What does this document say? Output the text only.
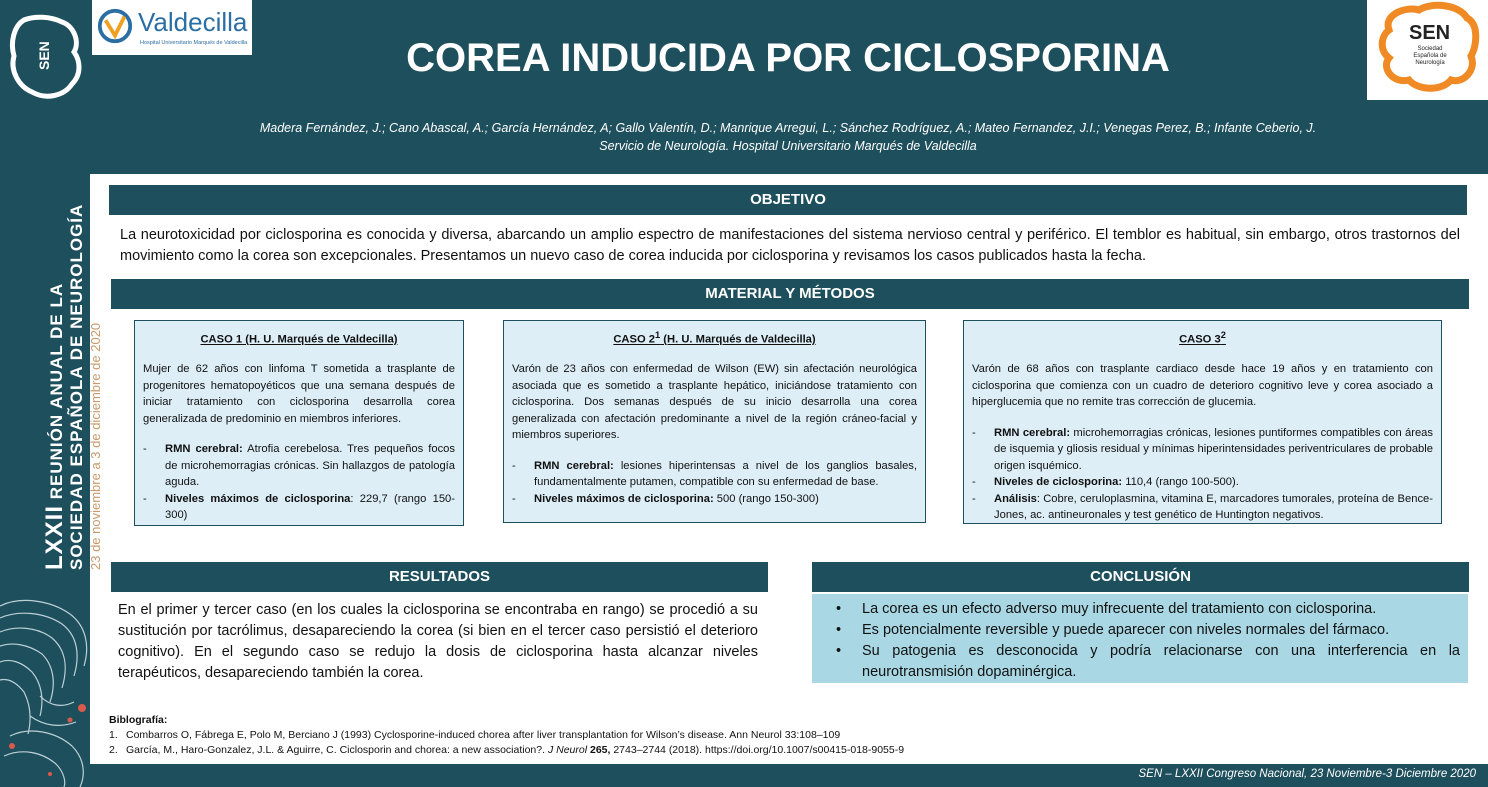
SEN
LXXII REUNIÓN ANUAL DE LA SOCIEDAD ESPAÑOLA DE NEUROLOGÍA 23 de noviembre a 3 de diciembre de 2020
Valdecilla
Hospital Universitario Marqués de Valdecilla	SEN
Sociedad Española de Neurología
COREA INDUCIDA POR CICLOSPORINA
Madera Fernández, J.; Cano Abascal, A.; García Hernández, A; Gallo Valentín, D.; Manrique Arregui, L.; Sánchez Rodríguez, A.; Mateo Fernandez, J.I.; Venegas Perez, B.; Infante Ceberio, J.
Servicio de Neurología. Hospital Universitario Marqués de Valdecilla
OBJETIVO
La neurotoxicidad por ciclosporina es conocida y diversa, abarcando un amplio espectro de manifestaciones del sistema nervioso central y periférico. El temblor es habitual, sin embargo, otros trastornos del movimiento como la corea son excepcionales. Presentamos un nuevo caso de corea inducida por ciclosporina y revisamos los casos publicados hasta la fecha.
MATERIAL Y MÉTODOS
CASO 1 (H. U. Marqués de Valdecilla)

Mujer de 62 años con linfoma T sometida a trasplante de progenitores hematopoyéticos que una semana después de iniciar tratamiento con ciclosporina desarrolla corea generalizada de predominio en miembros inferiores.

- RMN cerebral: Atrofia cerebelosa. Tres pequeños focos de microhemorragias crónicas. Sin hallazgos de patología aguda.
- Niveles máximos de ciclosporina: 229,7 (rango 150-300)
CASO $2^1$ (H. U. Marqués de Valdecilla)

Varón de 23 años con enfermedad de Wilson (EW) sin afectación neurológica asociada que es sometido a trasplante hepático, iniciándose tratamiento con ciclosporina. Dos semanas después de su inicio desarrolla una corea generalizada con afectación predominante a nivel de la región cráneo-facial y miembros superiores.

- RMN cerebral: lesiones hiperintensas a nivel de los ganglios basales, fundamentalmente putamen, compatible con su enfermedad de base.
- Niveles máximos de ciclosporina: 500 (rango 150-300)
CASO $3^2$

Varón de 68 años con trasplante cardiaco desde hace 19 años y en tratamiento con ciclosporina que comienza con un cuadro de deterioro cognitivo leve y corea asociado a hiperglucemia que no remite tras corrección de glucemia.

- RMN cerebral: microhemorragias crónicas, lesiones puntiformes compatibles con áreas de isquemia y gliosis residual y mínimas hiperintensidades periventriculares de probable origen isquémico.
- Niveles de ciclosporina: 110,4 (rango 100-500).
- Análisis: Cobre, ceruloplasmina, vitamina E, marcadores tumorales, proteína de Bence-Jones, ac. antineuronales y test genético de Huntington negativos.
RESULTADOS
En el primer y tercer caso (en los cuales la ciclosporina se encontraba en rango) se procedió a su sustitución por tacrólimus, desapareciendo la corea (si bien en el tercer caso persistió el deterioro cognitivo). En el segundo caso se redujo la dosis de ciclosporina hasta alcanzar niveles terapéuticos, desapareciendo también la corea.
CONCLUSIÓN
• La corea es un efecto adverso muy infrecuente del tratamiento con ciclosporina.
• Es potencialmente reversible y puede aparecer con niveles normales del fármaco.
• Su patogenia es desconocida y podría relacionarse con una interferencia en la neurotransmisión dopaminérgica.
Biblografía:
1. Combarros O, Fábrega E, Polo M, Berciano J (1993) Cyclosporine-induced chorea after liver transplantation for Wilson’s disease. Ann Neurol 33:108–109
2. García, M., Haro-Gonzalez, J.L. & Aguirre, C. Ciclosporin and chorea: a new association?. J Neurol 265, 2743–2744 (2018). https://doi.org/10.1007/s00415-018-9055-9
SEN – LXXII Congreso Nacional, 23 Noviembre-3 Diciembre 2020
